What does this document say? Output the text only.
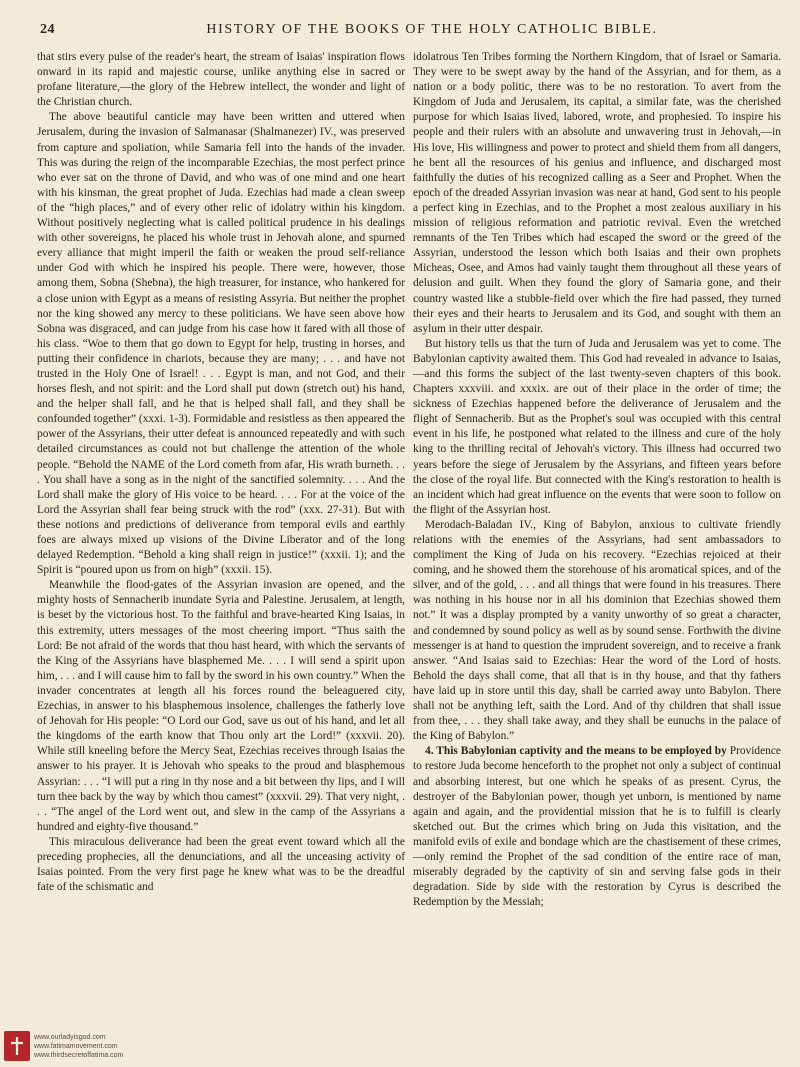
24	HISTORY OF THE BOOKS OF THE HOLY CATHOLIC BIBLE.

that stirs every pulse of the reader's heart, the stream of Isaias' inspiration flows onward in its rapid and majestic course, unlike anything else in sacred or profane literature,—the glory of the Hebrew intellect, the wonder and light of the Christian church.

The above beautiful canticle may have been written and uttered when Jerusalem, during the invasion of Salmanasar (Shalmanezer) IV., was preserved from capture and spoliation, while Samaria fell into the hands of the invader. This was during the reign of the incomparable Ezechias, the most perfect prince who ever sat on the throne of David, and who was of one mind and one heart with his kinsman, the great prophet of Juda. Ezechias had made a clean sweep of the “high places,” and of every other relic of idolatry within his kingdom. Without positively neglecting what is called political prudence in his dealings with other sovereigns, he placed his whole trust in Jehovah alone, and spurned every alliance that might imperil the faith or weaken the proud self-reliance under God with which he inspired his people. There were, however, those among them, Sobna (Shebna), the high treasurer, for instance, who hankered for a close union with Egypt as a means of resisting Assyria. But neither the prophet nor the king showed any mercy to these politicians. We have seen above how Sobna was disgraced, and can judge from his case how it fared with all those of his class. “Woe to them that go down to Egypt for help, trusting in horses, and putting their confidence in chariots, because they are many; . . . and have not trusted in the Holy One of Israel! . . . Egypt is man, and not God, and their horses flesh, and not spirit: and the Lord shall put down (stretch out) his hand, and the helper shall fall, and he that is helped shall fall, and they shall be confounded together” (xxxi. 1-3). Formidable and resistless as then appeared the power of the Assyrians, their utter defeat is announced repeatedly and with such detailed circumstances as could not but challenge the attention of the whole people. “Behold the NAME of the Lord cometh from afar, His wrath burneth. . . . You shall have a song as in the night of the sanctified solemnity. . . . And the Lord shall make the glory of His voice to be heard. . . . For at the voice of the Lord the Assyrian shall fear being struck with the rod” (xxx. 27-31). But with these notions and predictions of deliverance from temporal evils and earthly foes are always mixed up visions of the Divine Liberator and of the long delayed Redemption. “Behold a king shall reign in justice!” (xxxii. 1); and the Spirit is “poured upon us from on high” (xxxii. 15).

Meanwhile the flood-gates of the Assyrian invasion are opened, and the mighty hosts of Sennacherib inundate Syria and Palestine. Jerusalem, at length, is beset by the victorious host. To the faithful and brave-hearted King Isaias, in this extremity, utters messages of the most cheering import. “Thus saith the Lord: Be not afraid of the words that thou hast heard, with which the servants of the King of the Assyrians have blasphemed Me. . . . I will send a spirit upon him, . . . and I will cause him to fall by the sword in his own country.” When the invader concentrates at length all his forces round the beleaguered city, Ezechias, in answer to his blasphemous insolence, challenges the fatherly love of Jehovah for His people: “O Lord our God, save us out of his hand, and let all the kingdoms of the earth know that Thou only art the Lord!” (xxxvii. 20). While still kneeling before the Mercy Seat, Ezechias receives through Isaias the answer to his prayer. It is Jehovah who speaks to the proud and blasphemous Assyrian: . . . “I will put a ring in thy nose and a bit between thy lips, and I will turn thee back by the way by which thou camest” (xxxvii. 29). That very night, . . . “The angel of the Lord went out, and slew in the camp of the Assyrians a hundred and eighty-five thousand.”

This miraculous deliverance had been the great event toward which all the preceding prophecies, all the denunciations, and all the unceasing activity of Isaias pointed. From the very first page he knew what was to be the dreadful fate of the schismatic and

idolatrous Ten Tribes forming the Northern Kingdom, that of Israel or Samaria. They were to be swept away by the hand of the Assyrian, and for them, as a nation or a body politic, there was to be no restoration. To avert from the Kingdom of Juda and Jerusalem, its capital, a similar fate, was the cherished purpose for which Isaias lived, labored, wrote, and prophesied. To inspire his people and their rulers with an absolute and unwavering trust in Jehovah,—in His love, His willingness and power to protect and shield them from all dangers, he bent all the resources of his genius and influence, and discharged most faithfully the duties of his recognized calling as a Seer and Prophet. When the epoch of the dreaded Assyrian invasion was near at hand, God sent to his people a perfect king in Ezechias, and to the Prophet a most zealous auxiliary in his mission of religious reformation and patriotic revival. Even the wretched remnants of the Ten Tribes which had escaped the sword or the greed of the Assyrian, understood the lesson which both Isaias and their own prophets Micheas, Osee, and Amos had vainly taught them throughout all these years of delusion and guilt. When they found the glory of Samaria gone, and their country wasted like a stubble-field over which the fire had passed, they turned their eyes and their hearts to Jerusalem and its God, and sought with them an asylum in their utter despair.

But history tells us that the turn of Juda and Jerusalem was yet to come. The Babylonian captivity awaited them. This God had revealed in advance to Isaias,—and this forms the subject of the last twenty-seven chapters of this book. Chapters xxxviii. and xxxix. are out of their place in the order of time; the sickness of Ezechias happened before the deliverance of Jerusalem and the flight of Sennacherib. But as the Prophet's soul was occupied with this central event in his life, he postponed what related to the illness and cure of the holy king to the thrilling recital of Jehovah's victory. This illness had occurred two years before the siege of Jerusalem by the Assyrians, and fifteen years before the close of the royal life. But connected with the King's restoration to health is an incident which had great influence on the events that were soon to follow on the flight of the Assyrian host.

Merodach-Baladan IV., King of Babylon, anxious to cultivate friendly relations with the enemies of the Assyrians, had sent ambassadors to compliment the King of Juda on his recovery. “Ezechias rejoiced at their coming, and he showed them the storehouse of his aromatical spices, and of the silver, and of the gold, . . . and all things that were found in his treasures. There was nothing in his house nor in all his dominion that Ezechias showed them not.” It was a display prompted by a vanity unworthy of so great a character, and condemned by sound policy as well as by sound sense. Forthwith the divine messenger is at hand to question the imprudent sovereign, and to receive a frank answer. “And Isaias said to Ezechias: Hear the word of the Lord of hosts. Behold the days shall come, that all that is in thy house, and that thy fathers have laid up in store until this day, shall be carried away unto Babylon. There shall not be anything left, saith the Lord. And of thy children that shall issue from thee, . . . they shall take away, and they shall be eunuchs in the palace of the King of Babylon.”

4. This Babylonian captivity and the means to be employed by Providence to restore Juda become henceforth to the prophet not only a subject of continual and absorbing interest, but one which he speaks of as present. Cyrus, the destroyer of the Babylonian power, though yet unborn, is mentioned by name again and again, and the providential mission that he is to fulfill is clearly sketched out. But the crimes which bring on Juda this visitation, and the manifold evils of exile and bondage which are the chastisement of these crimes,—only remind the Prophet of the sad condition of the entire race of man, miserably degraded by the captivity of sin and serving false gods in their degradation. Side by side with the restoration by Cyrus is described the Redemption by the Messiah;

www.ourladyisgod.com
www.fatimamovement.com
www.thirdsecretoffatima.com
